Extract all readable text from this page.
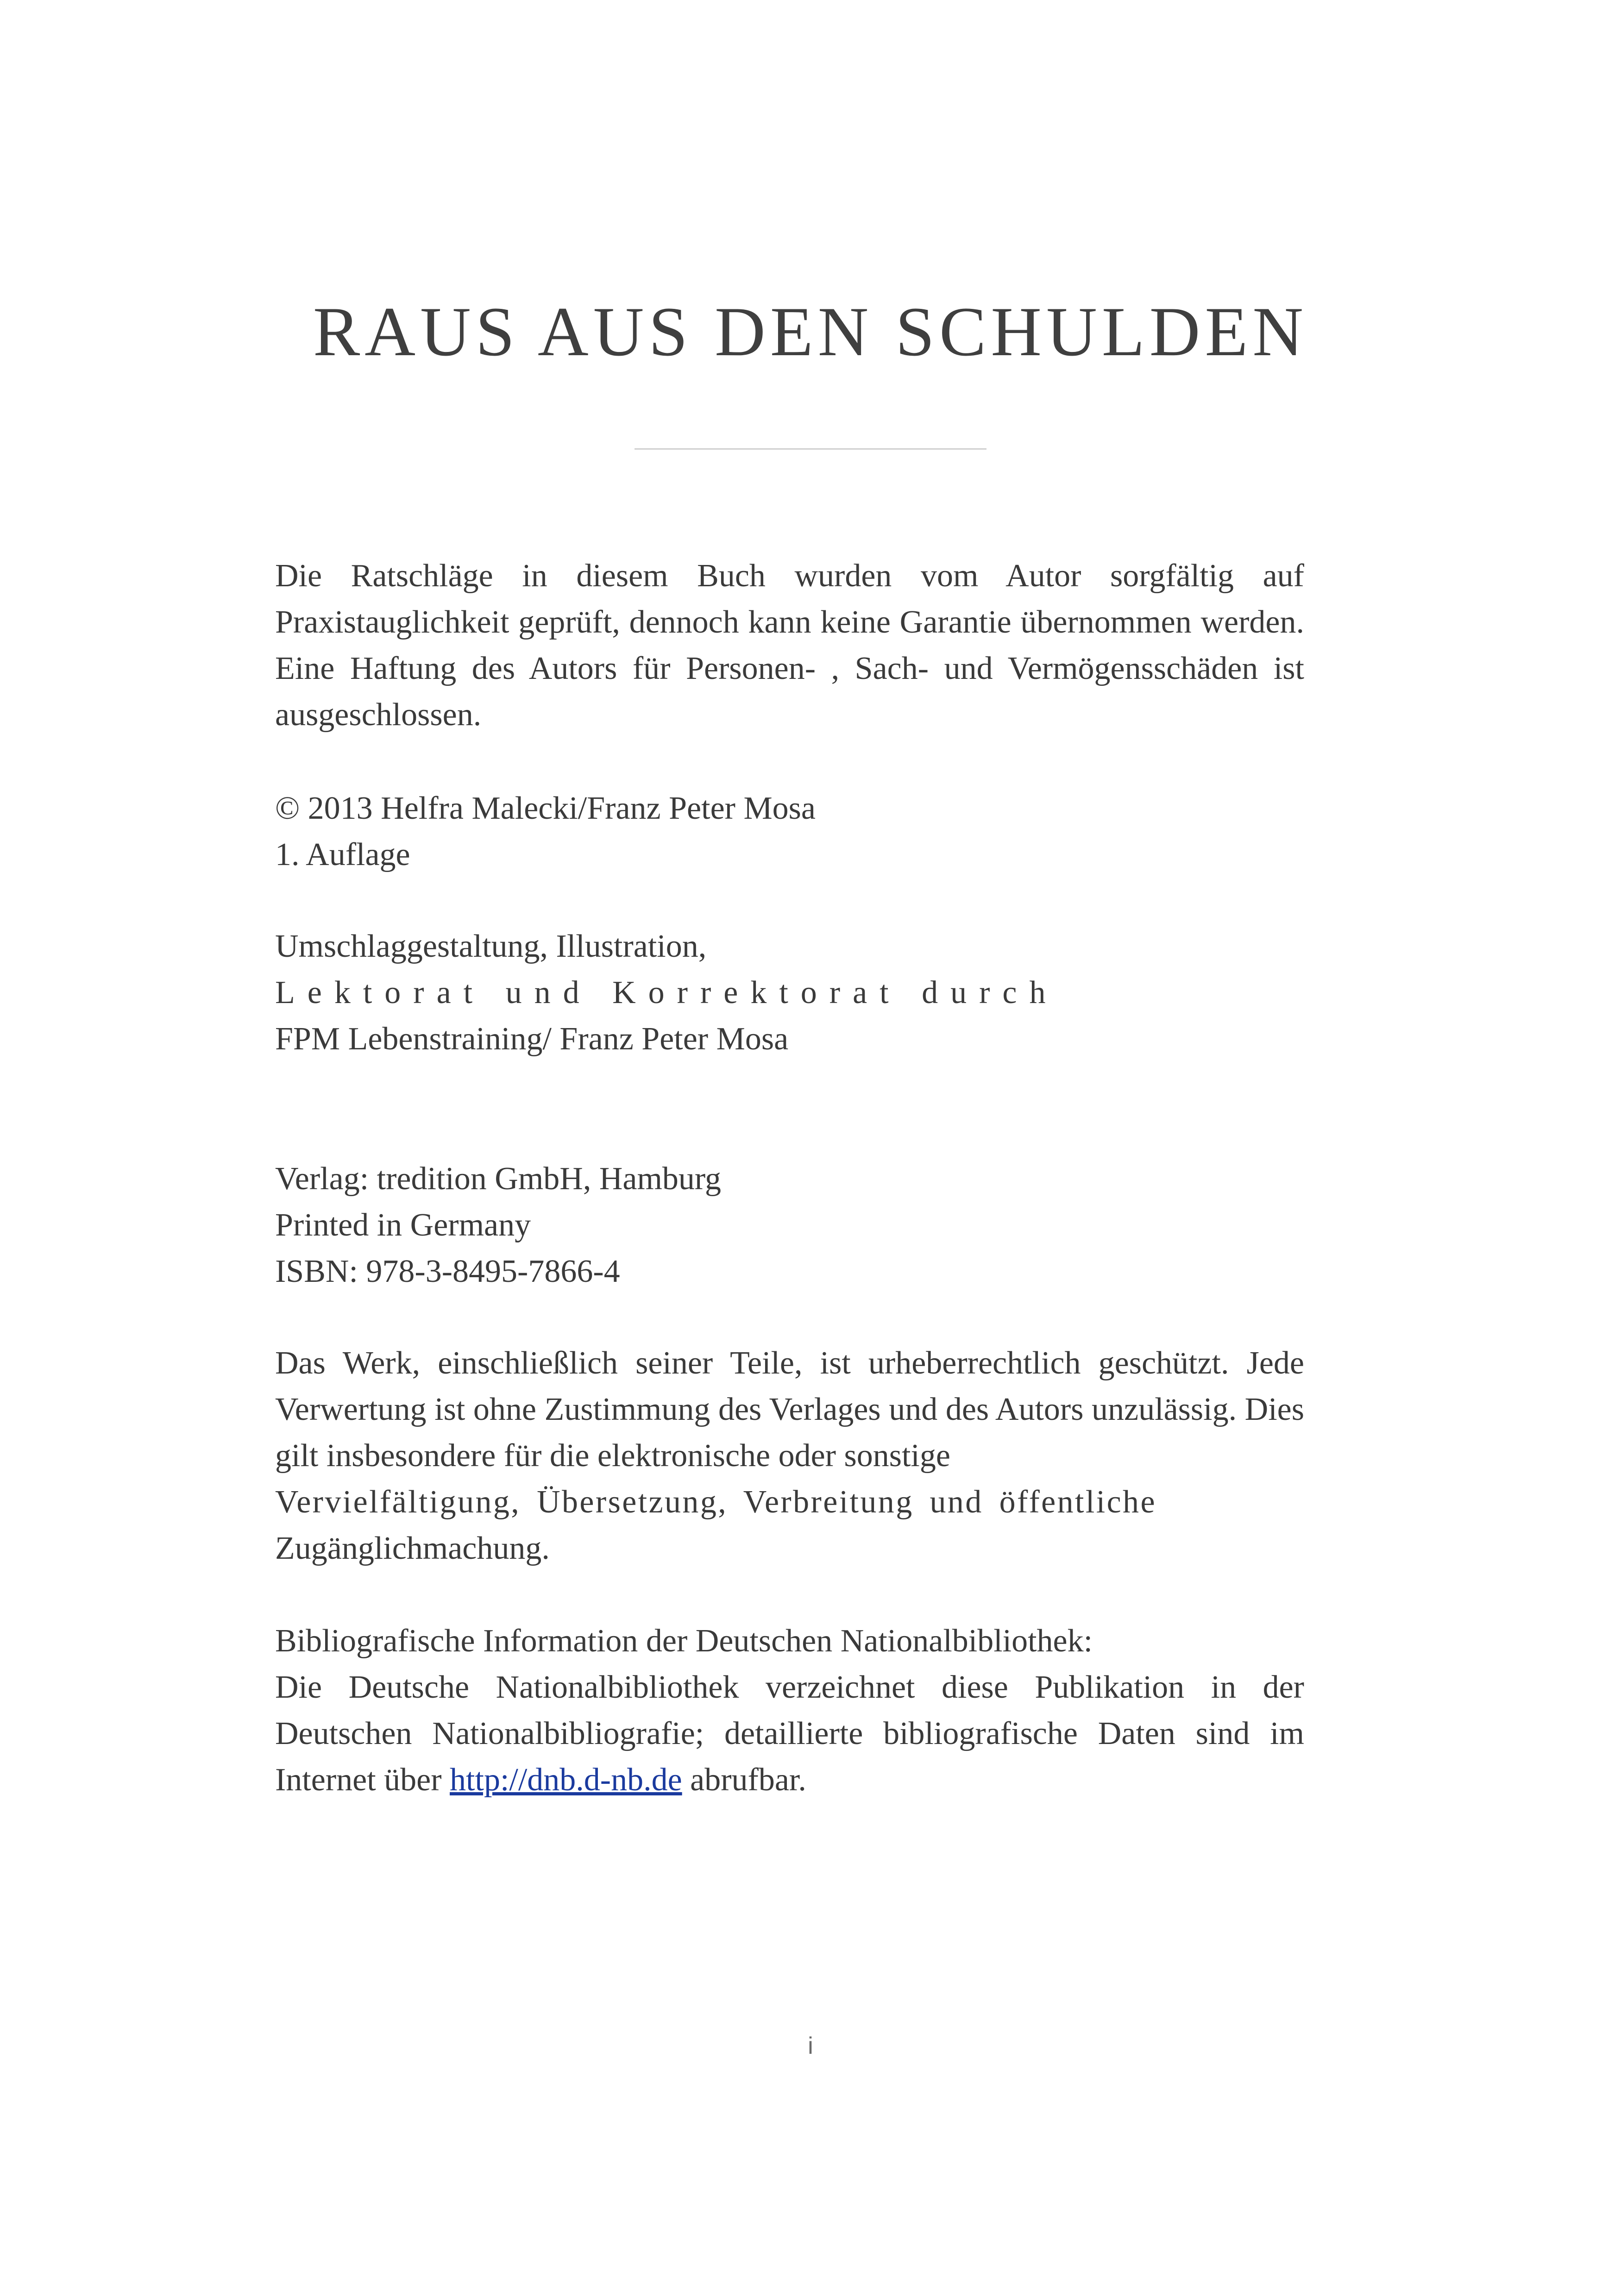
RAUS AUS DEN SCHULDEN

Die Ratschläge in diesem Buch wurden vom Autor sorgfältig auf Praxistauglichkeit geprüft, dennoch kann keine Garantie übernommen werden. Eine Haftung des Autors für Personen- , Sach- und Vermögensschäden ist ausgeschlossen.

© 2013 Helfra Malecki/Franz Peter Mosa
1. Auflage
Umschlaggestaltung, Illustration,
Lektorat und Korrektorat durch
FPM Lebenstraining/ Franz Peter Mosa
Verlag: tredition GmbH, Hamburg
Printed in Germany
ISBN: 978-3-8495-7866-4

Das Werk, einschließlich seiner Teile, ist urheberrechtlich geschützt. Jede Verwertung ist ohne Zustimmung des Verlages und des Autors unzulässig. Dies gilt insbesondere für die elektronische oder sonstige

Vervielfältigung, Übersetzung, Verbreitung und öffentliche
Zugänglichmachung.
Bibliografische Information der Deutschen Nationalbibliothek:

Die Deutsche Nationalbibliothek verzeichnet diese Publikation in der Deutschen Nationalbibliografie; detaillierte bibliografische Daten sind im Internet über http://dnb.d-nb.de abrufbar.

i
